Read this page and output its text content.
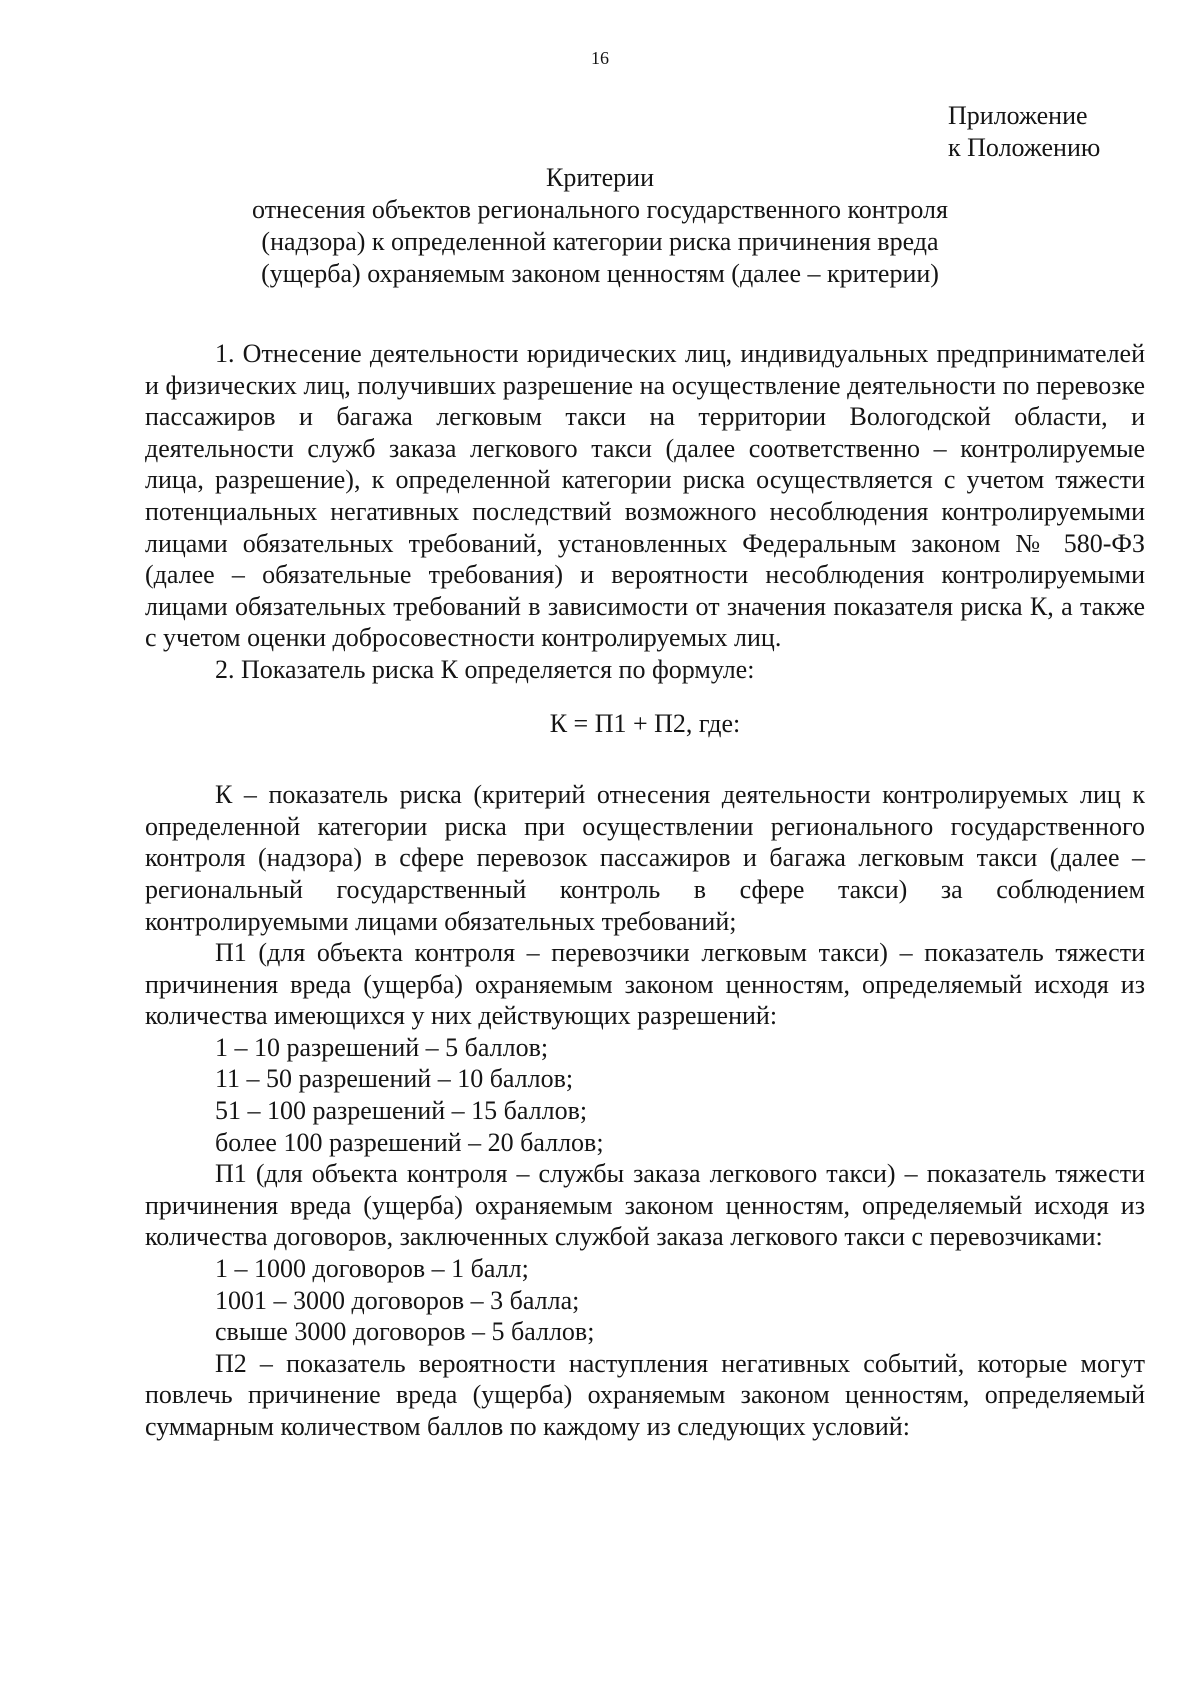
16
Приложение
к Положению
Критерии
отнесения объектов регионального государственного контроля
(надзора) к определенной категории риска причинения вреда
(ущерба) охраняемым законом ценностям (далее – критерии)

1. Отнесение деятельности юридических лиц, индивидуальных предпринимателей и физических лиц, получивших разрешение на осуществление деятельности по перевозке пассажиров и багажа легковым такси на территории Вологодской области, и деятельности служб заказа легкового такси (далее соответственно – контролируемые лица, разрешение), к определенной категории риска осуществляется с учетом тяжести потенциальных негативных последствий возможного несоблюдения контролируемыми лицами обязательных требований, установленных Федеральным законом № 580-ФЗ (далее – обязательные требования) и вероятности несоблюдения контролируемыми лицами обязательных требований в зависимости от значения показателя риска К, а также с учетом оценки добросовестности контролируемых лиц.

2. Показатель риска К определяется по формуле:

К = П1 + П2, где:

К – показатель риска (критерий отнесения деятельности контролируемых лиц к определенной категории риска при осуществлении регионального государственного контроля (надзора) в сфере перевозок пассажиров и багажа легковым такси (далее – региональный государственный контроль в сфере такси) за соблюдением контролируемыми лицами обязательных требований;

П1 (для объекта контроля – перевозчики легковым такси) – показатель тяжести причинения вреда (ущерба) охраняемым законом ценностям, определяемый исходя из количества имеющихся у них действующих разрешений:

1 – 10 разрешений – 5 баллов;

11 – 50 разрешений – 10 баллов;

51 – 100 разрешений – 15 баллов;

более 100 разрешений – 20 баллов;

П1 (для объекта контроля – службы заказа легкового такси) – показатель тяжести причинения вреда (ущерба) охраняемым законом ценностям, определяемый исходя из количества договоров, заключенных службой заказа легкового такси с перевозчиками:

1 – 1000 договоров – 1 балл;

1001 – 3000 договоров – 3 балла;

свыше 3000 договоров – 5 баллов;

П2 – показатель вероятности наступления негативных событий, которые могут повлечь причинение вреда (ущерба) охраняемым законом ценностям, определяемый суммарным количеством баллов по каждому из следующих условий:
